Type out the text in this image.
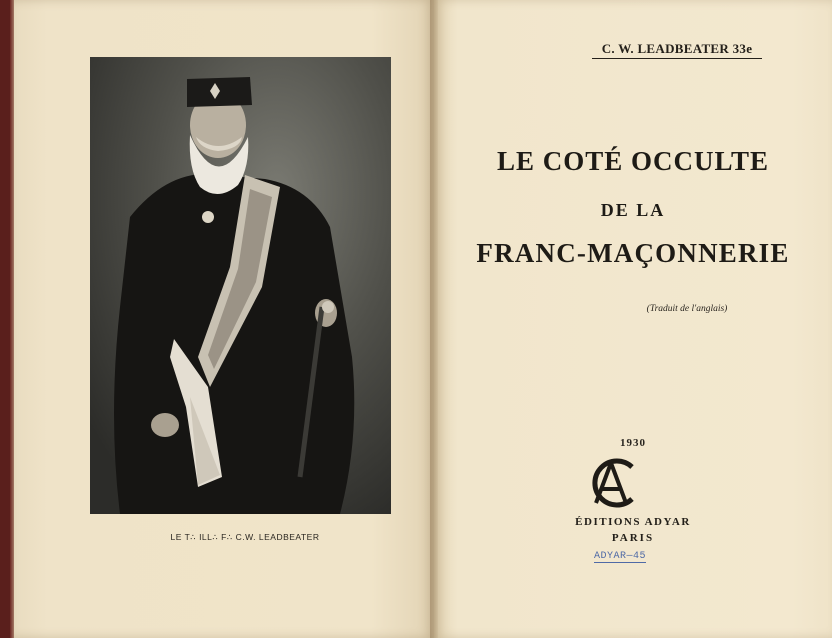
LE T∴ ILL∴ F∴ C.W. LEADBEATER
C. W. LEADBEATER 33e
LE COTÉ OCCULTE
DE LA
FRANC-MAÇONNERIE
(Traduit de l'anglais)
1930
ÉDITIONS ADYAR
PARIS
ADYAR—45
